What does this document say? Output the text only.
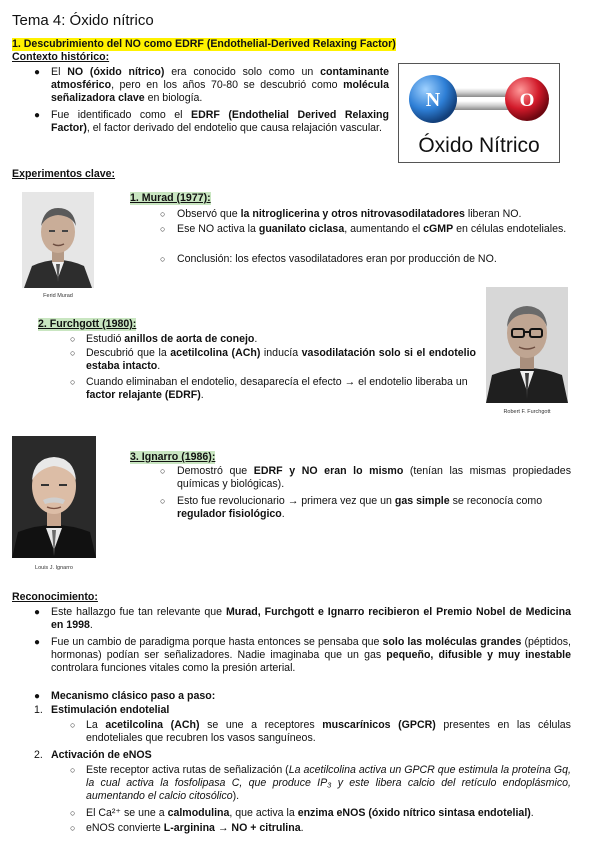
Tema 4: Óxido nítrico
1. Descubrimiento del NO como EDRF (Endothelial-Derived Relaxing Factor)
Contexto histórico:
● El NO (óxido nítrico) era conocido solo como un contaminante atmosférico, pero en los años 70-80 se descubrió como molécula señalizadora clave en biología.
● Fue identificado como el EDRF (Endothelial Derived Relaxing Factor), el factor derivado del endotelio que causa relajación vascular.
N	O
Óxido Nítrico
Experimentos clave:
Ferid Murad
1. Murad (1977):
○ Observó que la nitroglicerina y otros nitrovasodilatadores liberan NO.
○ Ese NO activa la guanilato ciclasa, aumentando el cGMP en células endoteliales.
○ Conclusión: los efectos vasodilatadores eran por producción de NO.
2. Furchgott (1980):
○ Estudió anillos de aorta de conejo.
○ Descubrió que la acetilcolina (ACh) inducía vasodilatación solo si el endotelio estaba intacto.
○ Cuando eliminaban el endotelio, desaparecía el efecto → el endotelio liberaba un factor relajante (EDRF).
Robert F. Furchgott
Louis J. Ignarro
3. Ignarro (1986):
○ Demostró que EDRF y NO eran lo mismo (tenían las mismas propiedades químicas y biológicas).
○ Esto fue revolucionario → primera vez que un gas simple se reconocía como regulador fisiológico.
Reconocimiento:
● Este hallazgo fue tan relevante que Murad, Furchgott e Ignarro recibieron el Premio Nobel de Medicina en 1998.
● Fue un cambio de paradigma porque hasta entonces se pensaba que solo las moléculas grandes (péptidos, hormonas) podían ser señalizadores. Nadie imaginaba que un gas pequeño, difusible y muy inestable controlara funciones vitales como la presión arterial.
● Mecanismo clásico paso a paso:
1. Estimulación endotelial
○ La acetilcolina (ACh) se une a receptores muscarínicos (GPCR) presentes en las células endoteliales que recubren los vasos sanguíneos.
2. Activación de eNOS
○ Este receptor activa rutas de señalización (La acetilcolina activa un GPCR que estimula la proteína Gq, la cual activa la fosfolipasa C, que produce IP₃ y este libera calcio del retículo endoplásmico, aumentando el calcio citosólico).
○ El Ca²⁺ se une a calmodulina, que activa la enzima eNOS (óxido nítrico sintasa endotelial).
○ eNOS convierte L-arginina → NO + citrulina.
